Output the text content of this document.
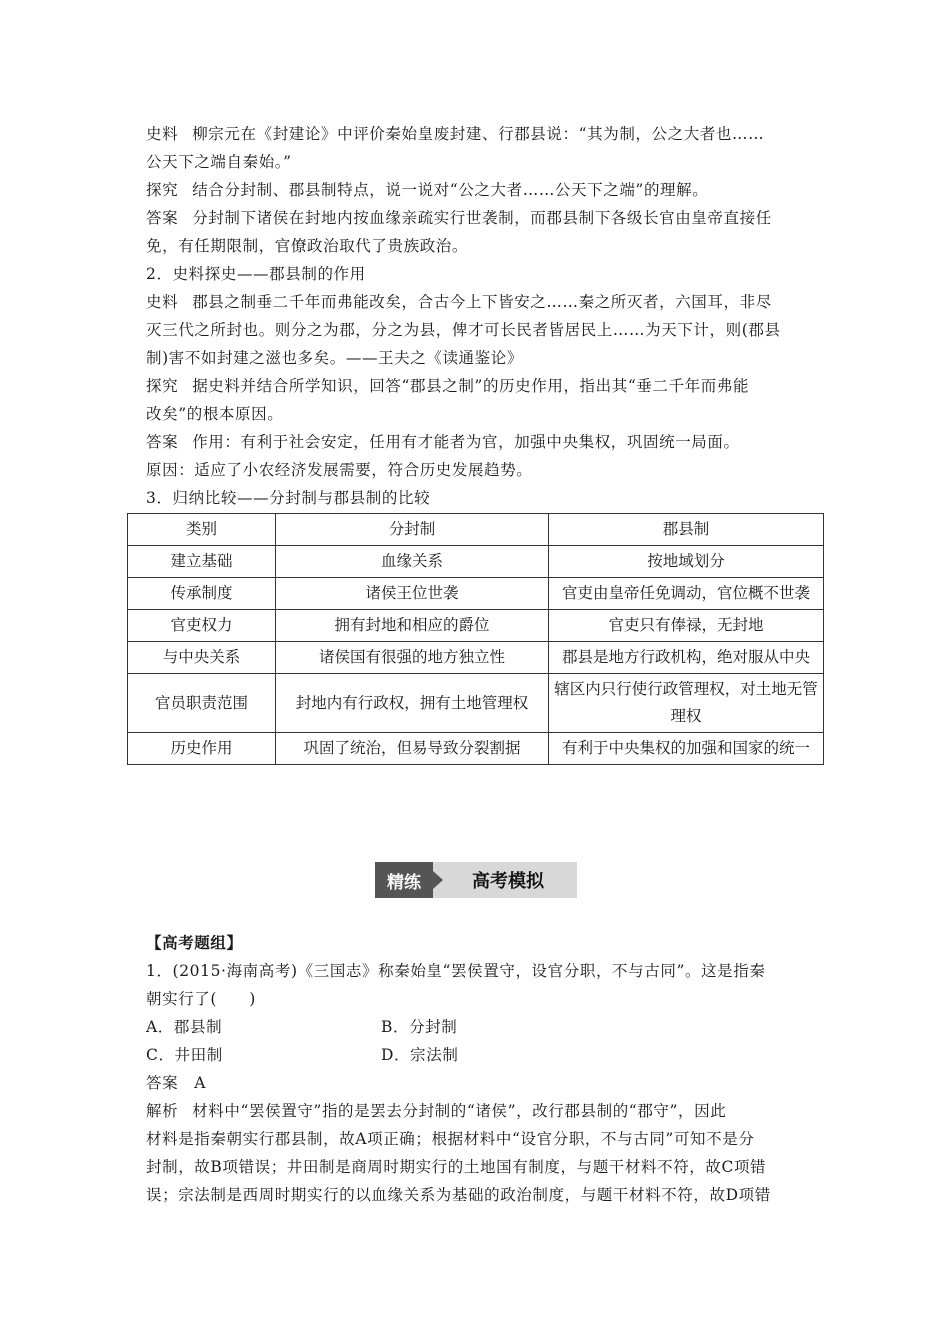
史料 柳宗元在《封建论》中评价秦始皇废封建、行郡县说：“其为制，公之大者也……
公天下之端自秦始。”
探究 结合分封制、郡县制特点，说一说对“公之大者……公天下之端”的理解。
答案 分封制下诸侯在封地内按血缘亲疏实行世袭制，而郡县制下各级长官由皇帝直接任
免，有任期限制，官僚政治取代了贵族政治。
2．史料探史——郡县制的作用
史料 郡县之制垂二千年而弗能改矣，合古今上下皆安之……秦之所灭者，六国耳，非尽
灭三代之所封也。则分之为郡，分之为县，俾才可长民者皆居民上……为天下计，则(郡县
制)害不如封建之滋也多矣。——王夫之《读通鉴论》
探究 据史料并结合所学知识，回答“郡县之制”的历史作用，指出其“垂二千年而弗能
改矣”的根本原因。
答案 作用：有利于社会安定，任用有才能者为官，加强中央集权，巩固统一局面。
原因：适应了小农经济发展需要，符合历史发展趋势。
3．归纳比较——分封制与郡县制的比较
类别	分封制	郡县制
建立基础	血缘关系	按地域划分
传承制度	诸侯王位世袭	官吏由皇帝任免调动，官位概不世袭
官吏权力	拥有封地和相应的爵位	官吏只有俸禄，无封地
与中央关系	诸侯国有很强的地方独立性	郡县是地方行政机构，绝对服从中央
官员职责范围	封地内有行政权，拥有土地管理权	辖区内只行使行政管理权，对土地无管理权
历史作用	巩固了统治，但易导致分裂割据	有利于中央集权的加强和国家的统一
精练	高考模拟
【高考题组】
1．(2015·海南高考)《三国志》称秦始皇“罢侯置守，设官分职，不与古同”。这是指秦
朝实行了(　　)
A．郡县制	B．分封制
C．井田制	D．宗法制
答案　A
解析 材料中“罢侯置守”指的是罢去分封制的“诸侯”，改行郡县制的“郡守”，因此
材料是指秦朝实行郡县制，故A项正确；根据材料中“设官分职，不与古同”可知不是分
封制，故B项错误；井田制是商周时期实行的土地国有制度，与题干材料不符，故C项错
误；宗法制是西周时期实行的以血缘关系为基础的政治制度，与题干材料不符，故D项错
